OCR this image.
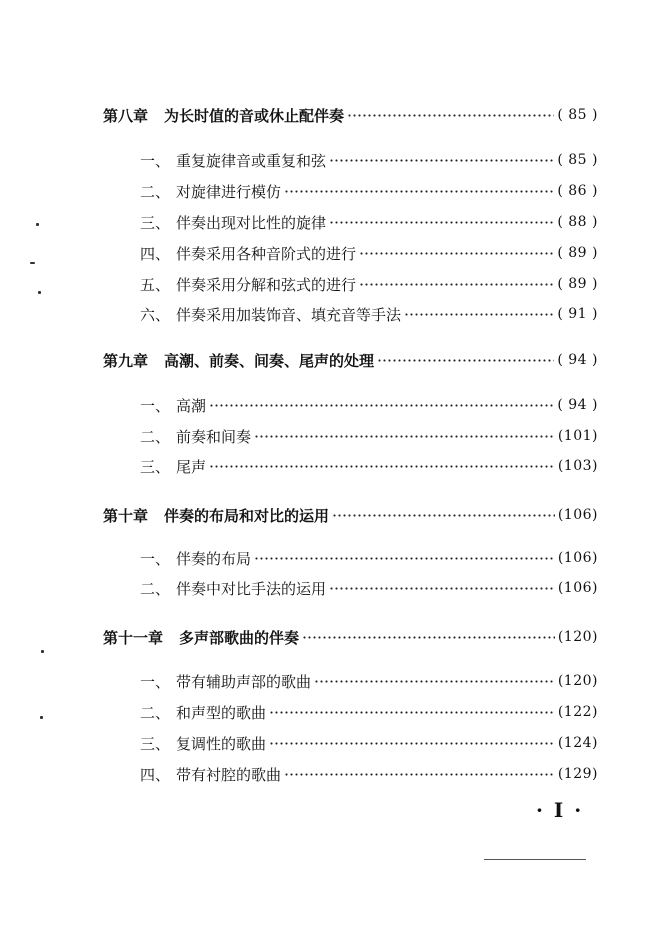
第八章 为长时值的音或休止配伴奏	( 85 )
一、 重复旋律音或重复和弦	( 85 )
二、 对旋律进行模仿	( 86 )
三、 伴奏出现对比性的旋律	( 88 )
四、 伴奏采用各种音阶式的进行	( 89 )
五、 伴奏采用分解和弦式的进行	( 89 )
六、 伴奏采用加装饰音、填充音等手法	( 91 )
第九章 高潮、前奏、间奏、尾声的处理	( 94 )
一、 高潮	( 94 )
二、 前奏和间奏	(101)
三、 尾声	(103)
第十章 伴奏的布局和对比的运用	(106)
一、 伴奏的布局	(106)
二、 伴奏中对比手法的运用	(106)
第十一章 多声部歌曲的伴奏	(120)
一、 带有辅助声部的歌曲	(120)
二、 和声型的歌曲	(122)
三、 复调性的歌曲	(124)
四、 带有衬腔的歌曲	(129)
· Ⅰ ·
